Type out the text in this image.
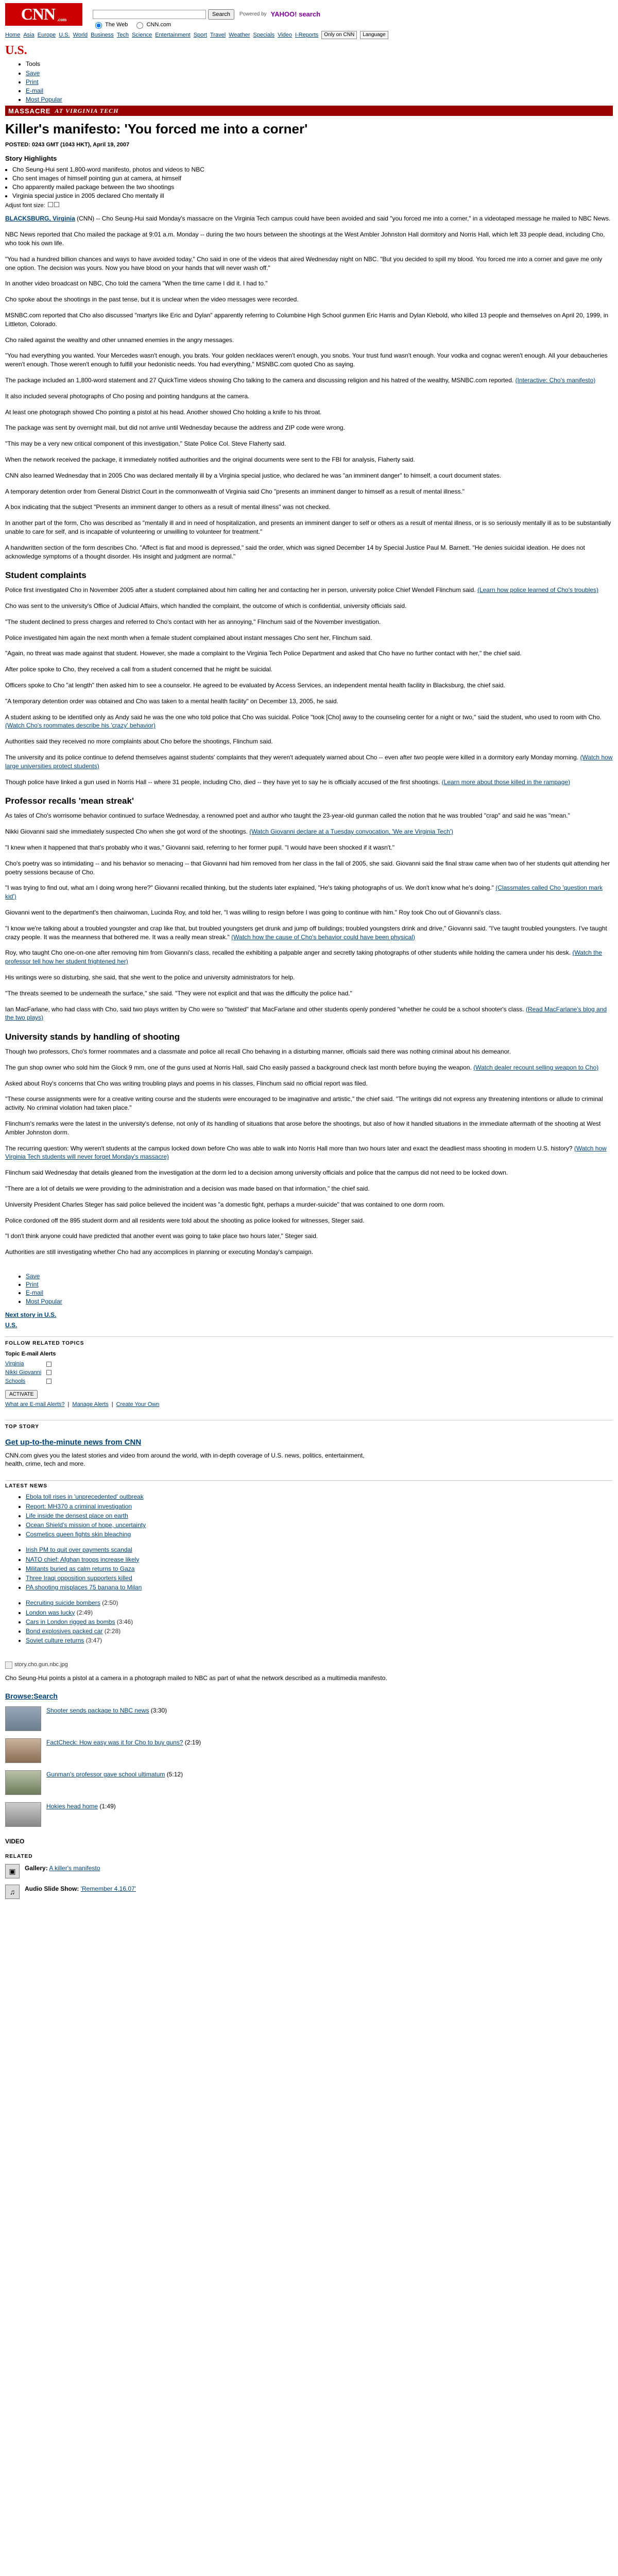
CNN .com
Search	Powered by YAHOO! search
The Web	CNN.com
Home Asia Europe U.S. World Business Tech Science Entertainment Sport Travel Weather Specials Video I-Reports	Only on CNN	Language
U.S.
• Tools
• Save
• Print
• E-mail
• Most Popular
MASSACRE AT VIRGINIA TECH
Killer's manifesto: 'You forced me into a corner'
POSTED: 0243 GMT (1043 HKT), April 19, 2007
Story Highlights
• Cho Seung-Hui sent 1,800-word manifesto, photos and videos to NBC
• Cho sent images of himself pointing gun at camera, at himself
• Cho apparently mailed package between the two shootings
• Virginia special justice in 2005 declared Cho mentally ill
Adjust font size:

BLACKSBURG, Virginia (CNN) -- Cho Seung-Hui said Monday's massacre on the Virginia Tech campus could have been avoided and said "you forced me into a corner," in a videotaped message he mailed to NBC News.

NBC News reported that Cho mailed the package at 9:01 a.m. Monday -- during the two hours between the shootings at the West Ambler Johnston Hall dormitory and Norris Hall, which left 33 people dead, including Cho, who took his own life.

"You had a hundred billion chances and ways to have avoided today," Cho said in one of the videos that aired Wednesday night on NBC. "But you decided to spill my blood. You forced me into a corner and gave me only one option. The decision was yours. Now you have blood on your hands that will never wash off."

In another video broadcast on NBC, Cho told the camera "When the time came I did it. I had to."

Cho spoke about the shootings in the past tense, but it is unclear when the video messages were recorded.

MSNBC.com reported that Cho also discussed "martyrs like Eric and Dylan" apparently referring to Columbine High School gunmen Eric Harris and Dylan Klebold, who killed 13 people and themselves on April 20, 1999, in Littleton, Colorado.

Cho railed against the wealthy and other unnamed enemies in the angry messages.

"You had everything you wanted. Your Mercedes wasn't enough, you brats. Your golden necklaces weren't enough, you snobs. Your trust fund wasn't enough. Your vodka and cognac weren't enough. All your debaucheries weren't enough. Those weren't enough to fulfill your hedonistic needs. You had everything," MSNBC.com quoted Cho as saying.

The package included an 1,800-word statement and 27 QuickTime videos showing Cho talking to the camera and discussing religion and his hatred of the wealthy, MSNBC.com reported. (Interactive: Cho's manifesto)

It also included several photographs of Cho posing and pointing handguns at the camera.

At least one photograph showed Cho pointing a pistol at his head. Another showed Cho holding a knife to his throat.

The package was sent by overnight mail, but did not arrive until Wednesday because the address and ZIP code were wrong.

"This may be a very new critical component of this investigation," State Police Col. Steve Flaherty said.

When the network received the package, it immediately notified authorities and the original documents were sent to the FBI for analysis, Flaherty said.

CNN also learned Wednesday that in 2005 Cho was declared mentally ill by a Virginia special justice, who declared he was "an imminent danger" to himself, a court document states.

A temporary detention order from General District Court in the commonwealth of Virginia said Cho "presents an imminent danger to himself as a result of mental illness."

A box indicating that the subject "Presents an imminent danger to others as a result of mental illness" was not checked.

In another part of the form, Cho was described as "mentally ill and in need of hospitalization, and presents an imminent danger to self or others as a result of mental illness, or is so seriously mentally ill as to be substantially unable to care for self, and is incapable of volunteering or unwilling to volunteer for treatment."

A handwritten section of the form describes Cho. "Affect is flat and mood is depressed," said the order, which was signed December 14 by Special Justice Paul M. Barnett. "He denies suicidal ideation. He does not acknowledge symptoms of a thought disorder. His insight and judgment are normal."

Student complaints

Police first investigated Cho in November 2005 after a student complained about him calling her and contacting her in person, university police Chief Wendell Flinchum said. (Learn how police learned of Cho's troubles)

Cho was sent to the university's Office of Judicial Affairs, which handled the complaint, the outcome of which is confidential, university officials said.

"The student declined to press charges and referred to Cho's contact with her as annoying," Flinchum said of the November investigation.

Police investigated him again the next month when a female student complained about instant messages Cho sent her, Flinchum said.

"Again, no threat was made against that student. However, she made a complaint to the Virginia Tech Police Department and asked that Cho have no further contact with her," the chief said.

After police spoke to Cho, they received a call from a student concerned that he might be suicidal.

Officers spoke to Cho "at length" then asked him to see a counselor. He agreed to be evaluated by Access Services, an independent mental health facility in Blacksburg, the chief said.

"A temporary detention order was obtained and Cho was taken to a mental health facility" on December 13, 2005, he said.

A student asking to be identified only as Andy said he was the one who told police that Cho was suicidal. Police "took [Cho] away to the counseling center for a night or two," said the student, who used to room with Cho. (Watch Cho's roommates describe his 'crazy' behavior)

Authorities said they received no more complaints about Cho before the shootings, Flinchum said.

The university and its police continue to defend themselves against students' complaints that they weren't adequately warned about Cho -- even after two people were killed in a dormitory early Monday morning. (Watch how large universities protect students)

Though police have linked a gun used in Norris Hall -- where 31 people, including Cho, died -- they have yet to say he is officially accused of the first shootings. (Learn more about those killed in the rampage)

Professor recalls 'mean streak'

As tales of Cho's worrisome behavior continued to surface Wednesday, a renowned poet and author who taught the 23-year-old gunman called the notion that he was troubled "crap" and said he was "mean."

Nikki Giovanni said she immediately suspected Cho when she got word of the shootings. (Watch Giovanni declare at a Tuesday convocation, 'We are Virginia Tech')

"I knew when it happened that that's probably who it was," Giovanni said, referring to her former pupil. "I would have been shocked if it wasn't."

Cho's poetry was so intimidating -- and his behavior so menacing -- that Giovanni had him removed from her class in the fall of 2005, she said. Giovanni said the final straw came when two of her students quit attending her poetry sessions because of Cho.

"I was trying to find out, what am I doing wrong here?" Giovanni recalled thinking, but the students later explained, "He's taking photographs of us. We don't know what he's doing." (Classmates called Cho 'question mark kid')

Giovanni went to the department's then chairwoman, Lucinda Roy, and told her, "I was willing to resign before I was going to continue with him." Roy took Cho out of Giovanni's class.

"I know we're talking about a troubled youngster and crap like that, but troubled youngsters get drunk and jump off buildings; troubled youngsters drink and drive," Giovanni said. "I've taught troubled youngsters. I've taught crazy people. It was the meanness that bothered me. It was a really mean streak." (Watch how the cause of Cho's behavior could have been physical)

Roy, who taught Cho one-on-one after removing him from Giovanni's class, recalled the exhibiting a palpable anger and secretly taking photographs of other students while holding the camera under his desk. (Watch the professor tell how her student frightened her)

His writings were so disturbing, she said, that she went to the police and university administrators for help.

"The threats seemed to be underneath the surface," she said. "They were not explicit and that was the difficulty the police had."

Ian MacFarlane, who had class with Cho, said two plays written by Cho were so "twisted" that MacFarlane and other students openly pondered "whether he could be a school shooter's class. (Read MacFarlane's blog and the two plays)

University stands by handling of shooting

Though two professors, Cho's former roommates and a classmate and police all recall Cho behaving in a disturbing manner, officials said there was nothing criminal about his demeanor.

The gun shop owner who sold him the Glock 9 mm, one of the guns used at Norris Hall, said Cho easily passed a background check last month before buying the weapon. (Watch dealer recount selling weapon to Cho)

Asked about Roy's concerns that Cho was writing troubling plays and poems in his classes, Flinchum said no official report was filed.

"These course assignments were for a creative writing course and the students were encouraged to be imaginative and artistic," the chief said. "The writings did not express any threatening intentions or allude to criminal activity. No criminal violation had taken place."

Flinchum's remarks were the latest in the university's defense, not only of its handling of situations that arose before the shootings, but also of how it handled situations in the immediate aftermath of the shooting at West Ambler Johnston dorm.

The recurring question: Why weren't students at the campus locked down before Cho was able to walk into Norris Hall more than two hours later and exact the deadliest mass shooting in modern U.S. history? (Watch how Virginia Tech students will never forget Monday's massacre)

Flinchum said Wednesday that details gleaned from the investigation at the dorm led to a decision among university officials and police that the campus did not need to be locked down.

"There are a lot of details we were providing to the administration and a decision was made based on that information," the chief said.

University President Charles Steger has said police believed the incident was "a domestic fight, perhaps a murder-suicide" that was contained to one dorm room.

Police cordoned off the 895 student dorm and all residents were told about the shooting as police looked for witnesses, Steger said.

"I don't think anyone could have predicted that another event was going to take place two hours later," Steger said.

Authorities are still investigating whether Cho had any accomplices in planning or executing Monday's campaign.

• Save
• Print
• E-mail
• Most Popular
Next story in U.S.
U.S.
FOLLOW RELATED TOPICS
Topic E-mail Alerts
Virginia	
Nikki Giovanni	
Schools	
ACTIVATE
What are E-mail Alerts? | Manage Alerts | Create Your Own
TOP STORY
Get up-to-the-minute news from CNN

CNN.com gives you the latest stories and video from around the world, with in-depth coverage of U.S. news, politics, entertainment, health, crime, tech and more.

LATEST NEWS
• Ebola toll rises in 'unprecedented' outbreak
• Report: MH370 a criminal investigation
• Life inside the densest place on earth
• Ocean Shield's mission of hope, uncertainty
• Cosmetics queen fights skin bleaching
• Irish PM to quit over payments scandal
• NATO chief: Afghan troops increase likely
• Militants buried as calm returns to Gaza
• Three Iraqi opposition supporters killed
• PA shooting misplaces 75 banana to Milan
• Recruiting suicide bombers (2:50)
• London was lucky (2:49)
• Cars in London rigged as bombs (3:46)
• Bond explosives packed car (2:28)
• Soviet culture returns (3:47)
story.cho.gun.nbc.jpg

Cho Seung-Hui points a pistol at a camera in a photograph mailed to NBC as part of what the network described as a multimedia manifesto.

Browse:Search
Shooter sends package to NBC news (3:30)
FactCheck: How easy was it for Cho to buy guns? (2:19)
Gunman's professor gave school ultimatum (5:12)
Hokies head home (1:49)
VIDEO
RELATED
▣	Gallery: A killer's manifesto
♫	Audio Slide Show: 'Remember 4.16.07'
